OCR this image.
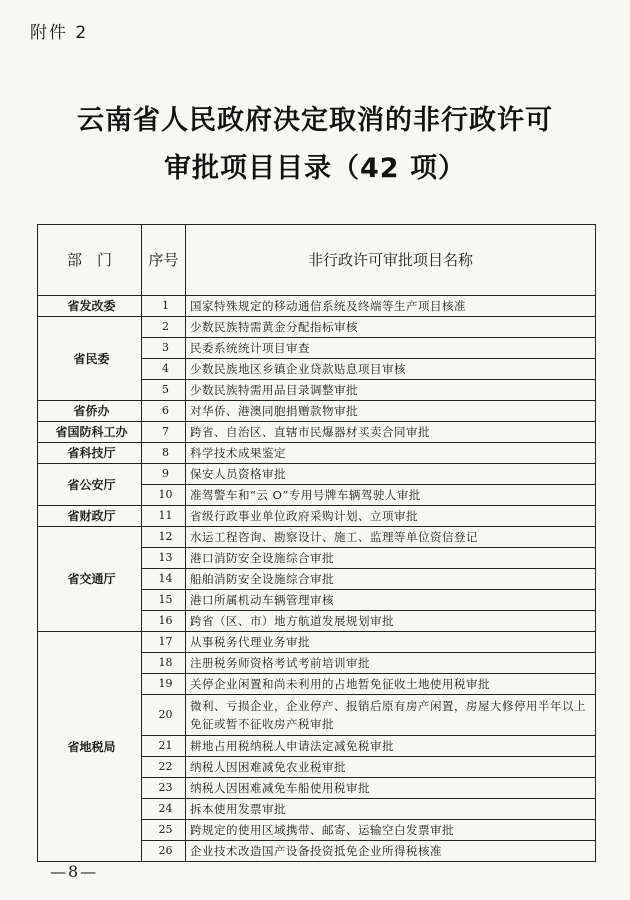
附件 2
云南省人民政府决定取消的非行政许可
审批项目目录（42 项）
部　门	序号	非行政许可审批项目名称
省发改委	1	国家特殊规定的移动通信系统及终端等生产项目核准
省民委	2	少数民族特需黄金分配指标审核
	3	民委系统统计项目审查
	4	少数民族地区乡镇企业贷款贴息项目审核
	5	少数民族特需用品目录调整审批
省侨办	6	对华侨、港澳同胞捐赠款物审批
省国防科工办	7	跨省、自治区、直辖市民爆器材买卖合同审批
省科技厅	8	科学技术成果鉴定
省公安厅	9	保安人员资格审批
	10	准驾警车和“云 O”专用号牌车辆驾驶人审批
省财政厅	11	省级行政事业单位政府采购计划、立项审批
省交通厅	12	水运工程咨询、勘察设计、施工、监理等单位资信登记
	13	港口消防安全设施综合审批
	14	船舶消防安全设施综合审批
	15	港口所属机动车辆管理审核
	16	跨省（区、市）地方航道发展规划审批
省地税局	17	从事税务代理业务审批
	18	注册税务师资格考试考前培训审批
	19	关停企业闲置和尚未利用的占地暂免征收土地使用税审批
	20	微利、亏损企业，企业停产、报销后原有房产闲置，房屋大修停用半年以上免征或暂不征收房产税审批
	21	耕地占用税纳税人申请法定减免税审批
	22	纳税人因困难减免农业税审批
	23	纳税人因困难减免车船使用税审批
	24	拆本使用发票审批
	25	跨规定的使用区域携带、邮寄、运输空白发票审批
	26	企业技术改造国产设备投资抵免企业所得税核准
—8—
